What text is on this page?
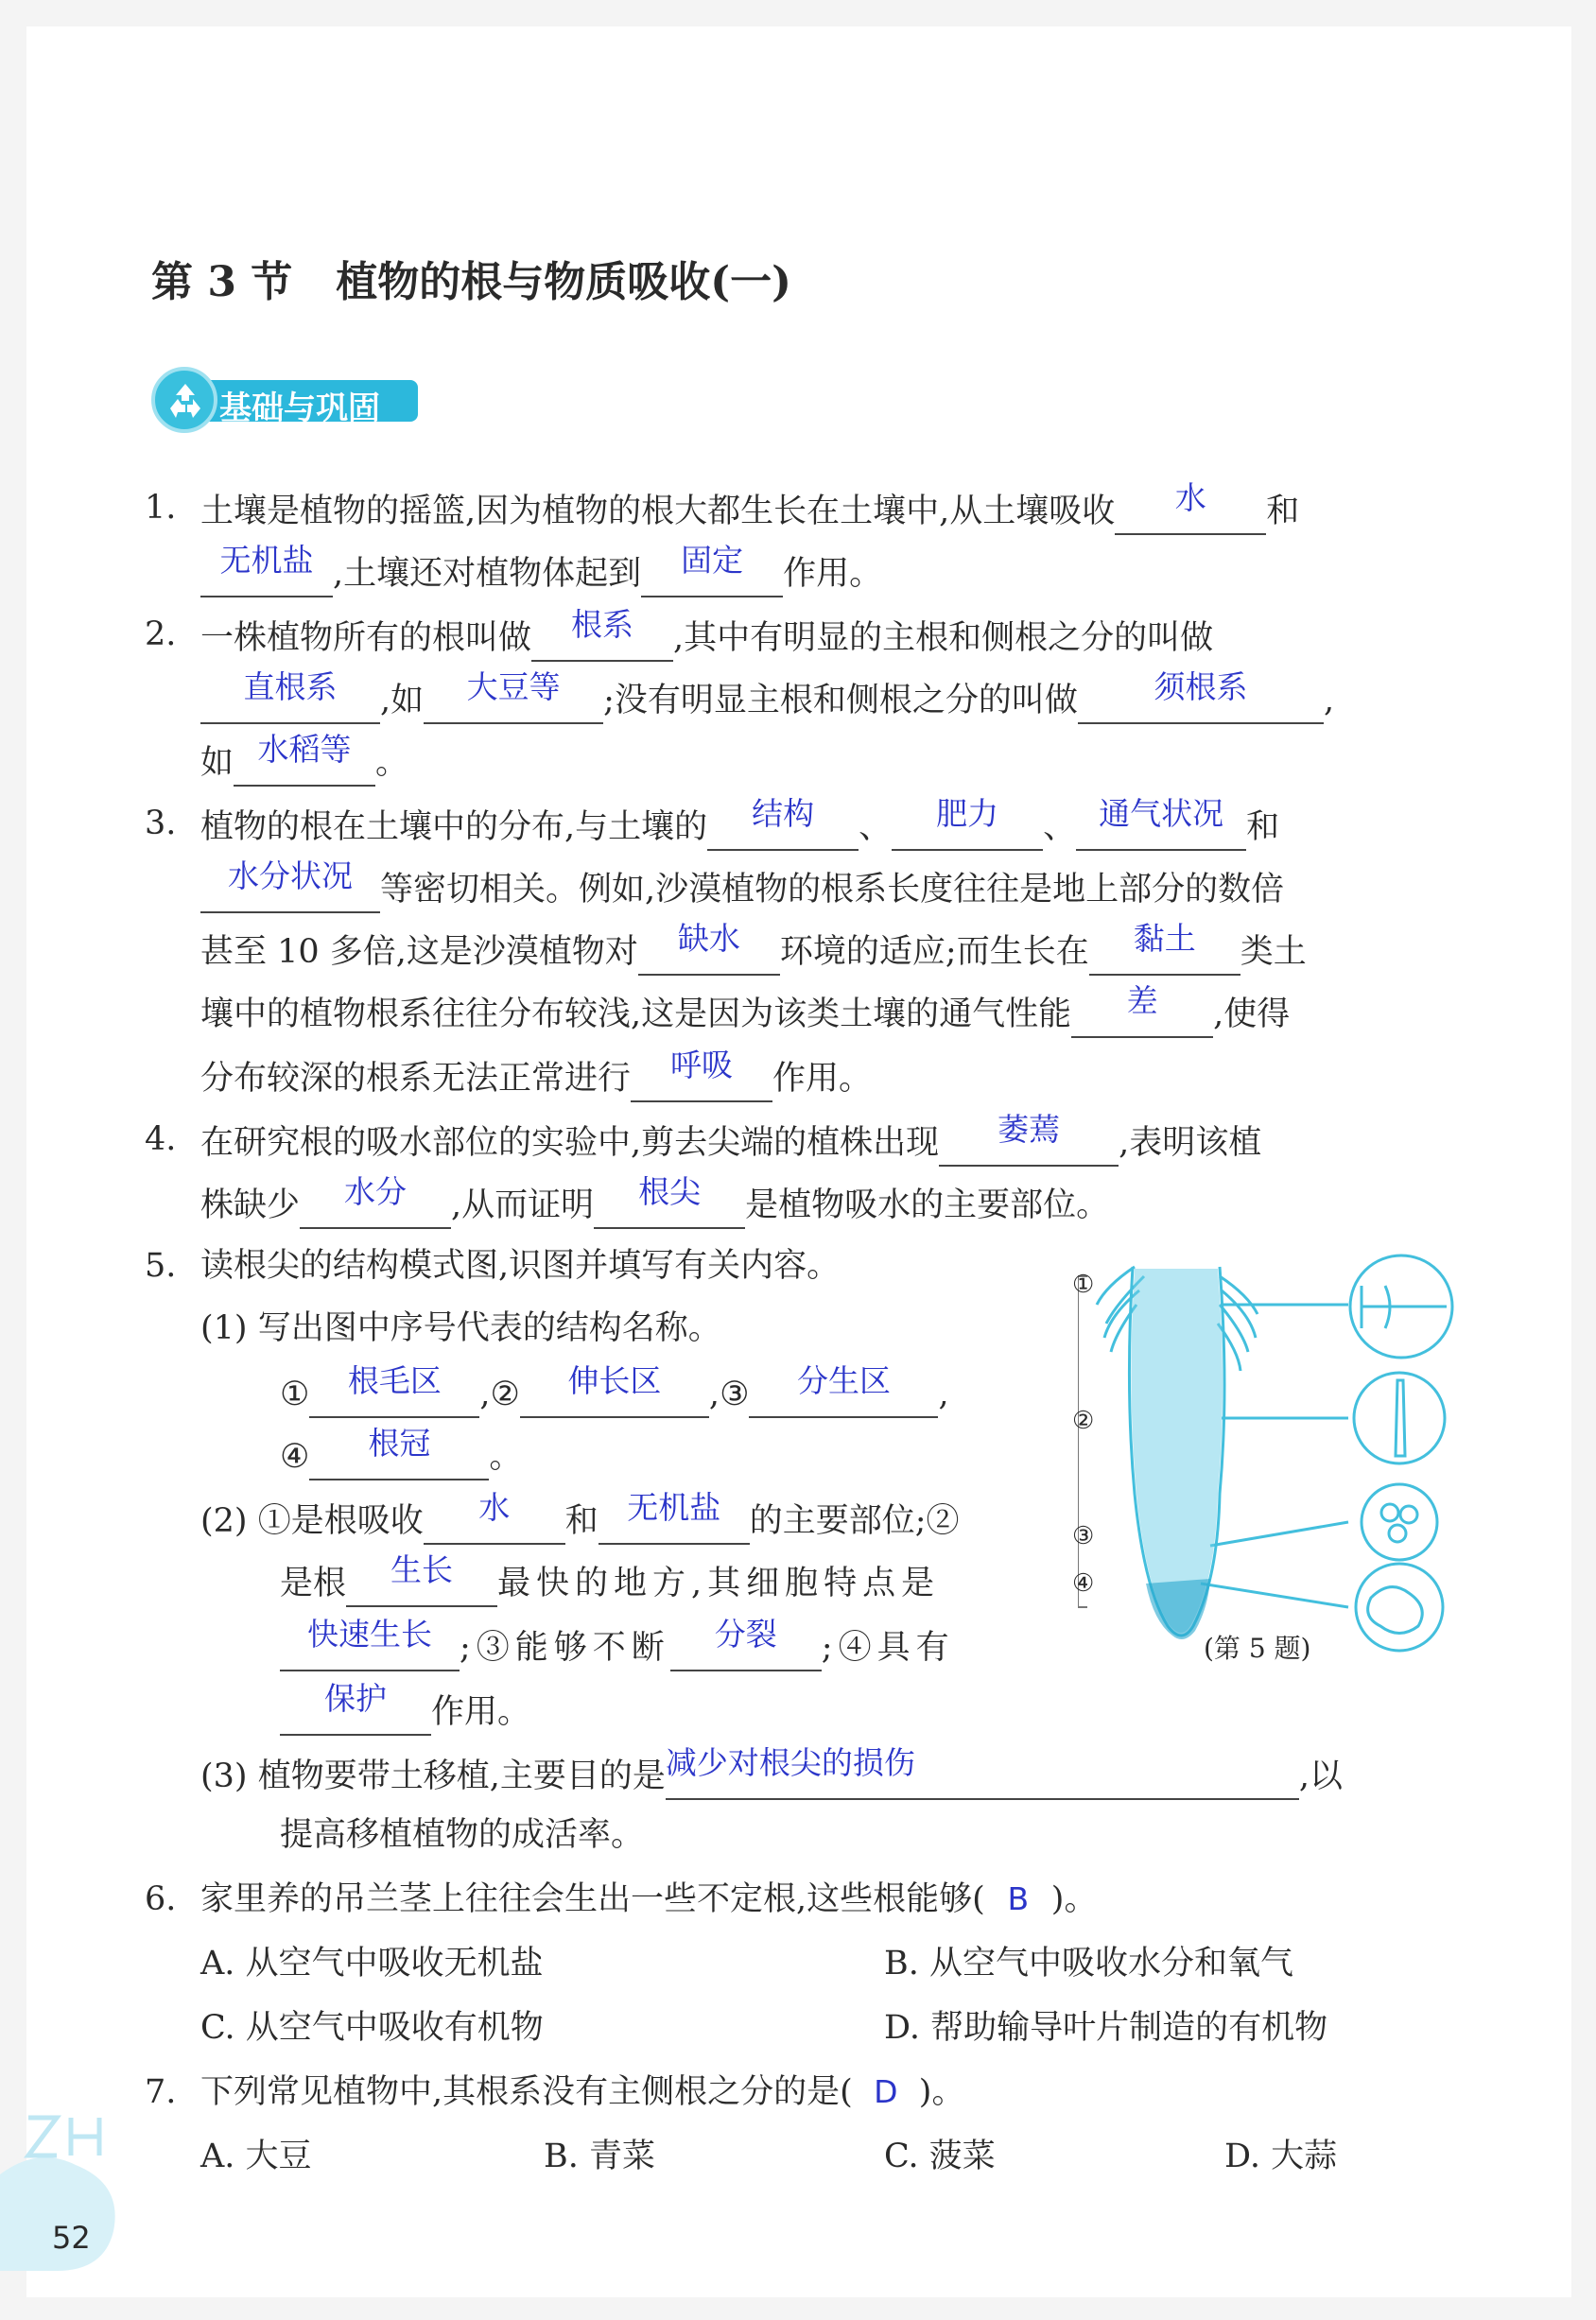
第 3 节 植物的根与物质吸收(一)
基础与巩固
1. 土壤是植物的摇篮,因为植物的根大都生长在土壤中,从土壤吸收	水	和
无机盐 ,土壤还对植物体起到	固定	作用。
2. 一株植物所有的根叫做	根系	,其中有明显的主根和侧根之分的叫做
直根系	,如	大豆等	;没有明显主根和侧根之分的叫做	须根系	,
如 水稻等 。
3. 植物的根在土壤中的分布,与土壤的	结构	、	肥力	、 通气状况 和
水分状况 等密切相关。例如,沙漠植物的根系长度往往是地上部分的数倍
甚至 10 多倍,这是沙漠植物对	缺水	环境的适应;而生长在	黏土	类土
壤中的植物根系往往分布较浅,这是因为该类土壤的通气性能	差	,使得
分布较深的根系无法正常进行	呼吸	作用。
4. 在研究根的吸水部位的实验中,剪去尖端的植株出现	萎蔫	,表明该植
株缺少	水分	,从而证明	根尖	是植物吸水的主要部位。
5. 读根尖的结构模式图,识图并填写有关内容。
(1) 写出图中序号代表的结构名称。
①	根毛区	,②	伸长区	,③	分生区	,
④	根冠	。
(2) ①是根吸收	水	和 无机盐 的主要部位;②
是根	生长	最快的地方,其细胞特点是
快速生长 ;③能够不断	分裂	;④具有
保护	作用。
(3) 植物要带土移植,主要目的是 减少对根尖的损伤	,以
提高移植植物的成活率。
①
②
③
④
(第 5 题)
6. 家里养的吊兰茎上往往会生出一些不定根,这些根能够( B )。
A. 从空气中吸收无机盐	B. 从空气中吸收水分和氧气
C. 从空气中吸收有机物	D. 帮助输导叶片制造的有机物
7. 下列常见植物中,其根系没有主侧根之分的是( D )。
A. 大豆	B. 青菜	C. 菠菜	D. 大蒜
52
